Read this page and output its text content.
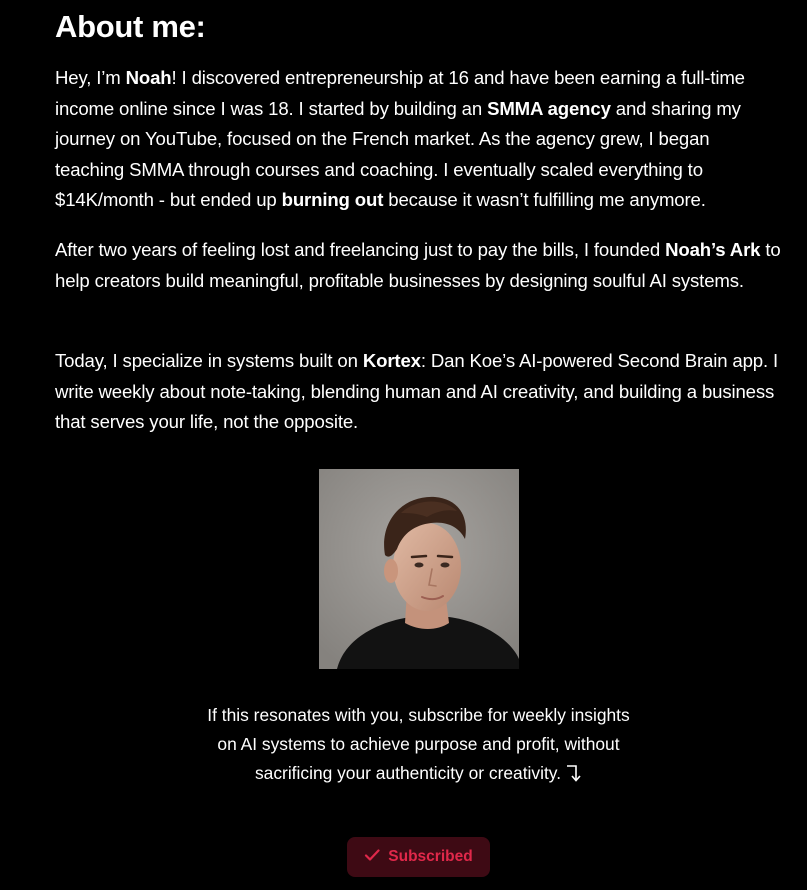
About me:

Hey, I’m Noah! I discovered entrepreneurship at 16 and have been earning a full-time income online since I was 18. I started by building an SMMA agency and sharing my journey on YouTube, focused on the French market. As the agency grew, I began teaching SMMA through courses and coaching. I eventually scaled everything to $14K/month - but ended up burning out because it wasn’t fulfilling me anymore.

After two years of feeling lost and freelancing just to pay the bills, I founded Noah’s Ark to help creators build meaningful, profitable businesses by designing soulful AI systems.

Today, I specialize in systems built on Kortex: Dan Koe’s AI-powered Second Brain app. I write weekly about note-taking, blending human and AI creativity, and building a business that serves your life, not the opposite.

If this resonates with you, subscribe for weekly insights on AI systems to achieve purpose and profit, without sacrificing your authenticity or creativity.

Subscribed
